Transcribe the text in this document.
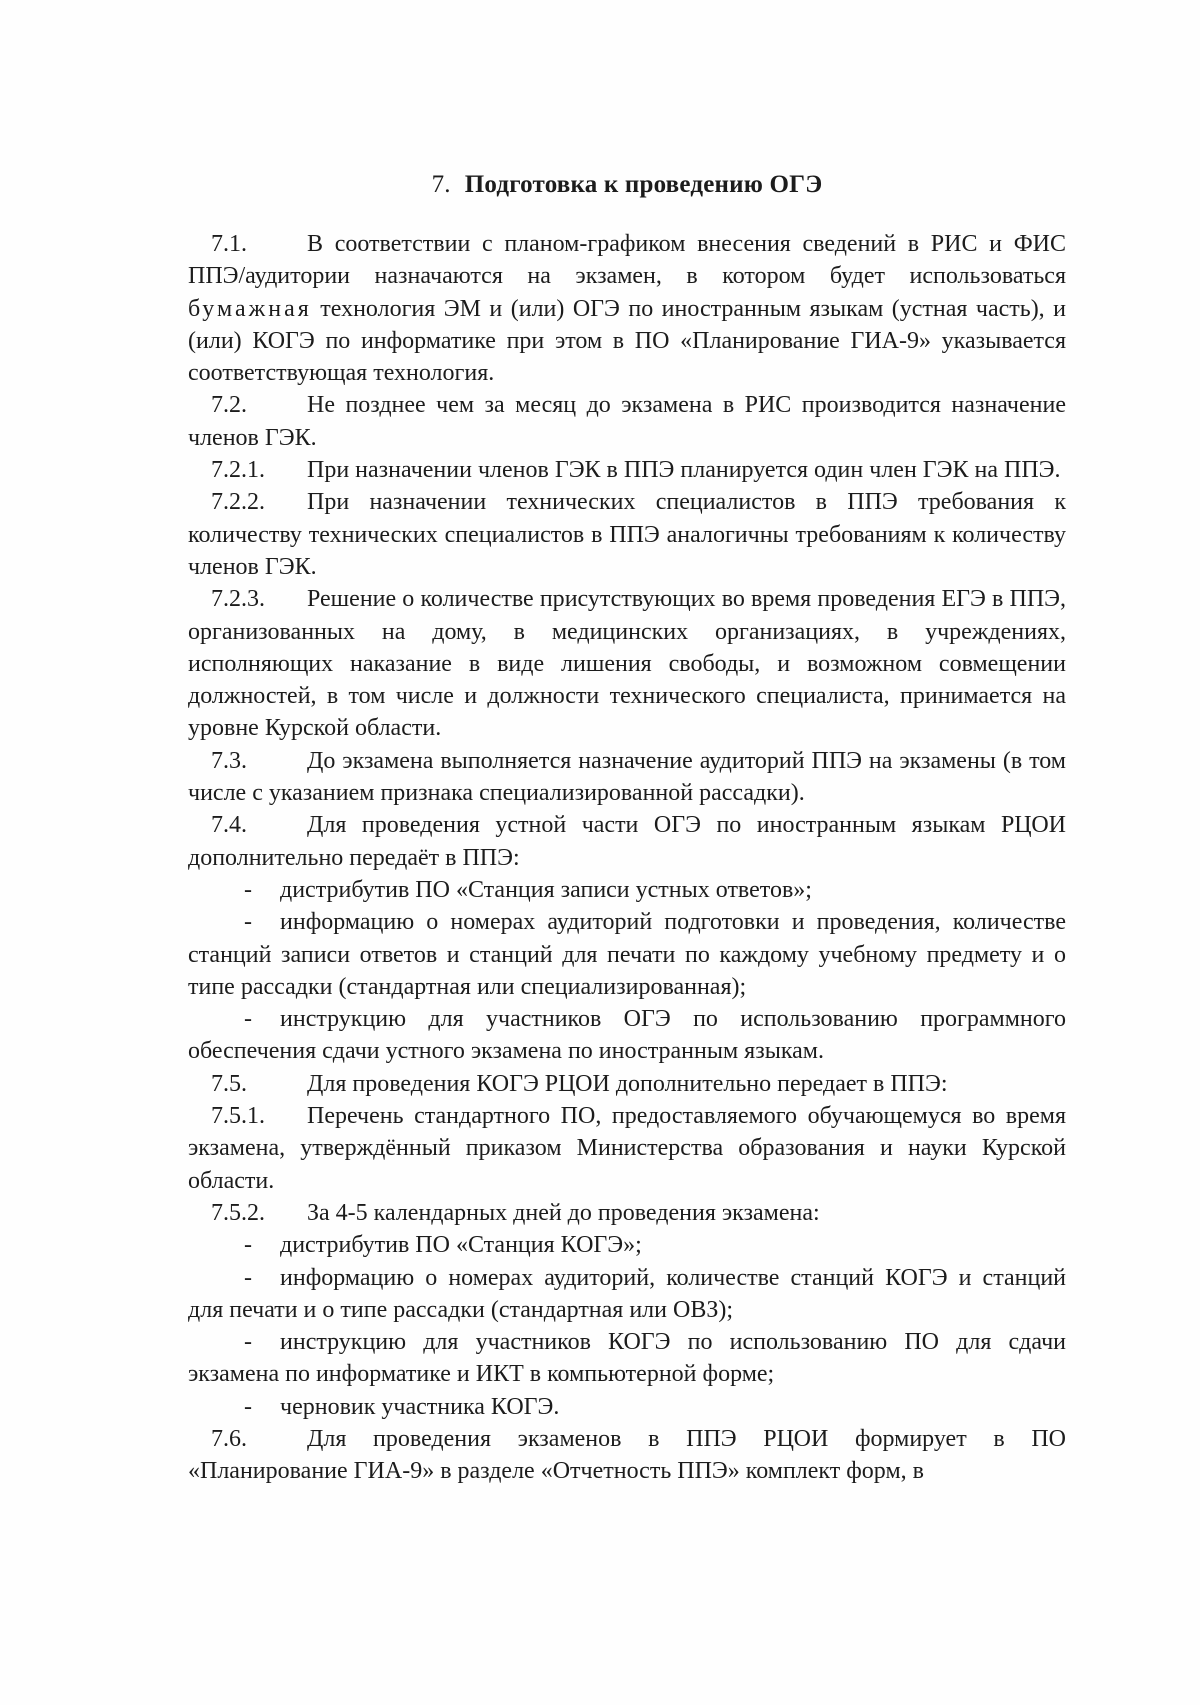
7. Подготовка к проведению ОГЭ

7.1.	В соответствии с планом-графиком внесения сведений в РИС и ФИС ППЭ/аудитории назначаются на экзамен, в котором будет использоваться бумажная технология ЭМ и (или) ОГЭ по иностранным языкам (устная часть), и (или) КОГЭ по информатике при этом в ПО «Планирование ГИА-9» указывается соответствующая технология.

7.2.	Не позднее чем за месяц до экзамена в РИС производится назначение членов ГЭК.

7.2.1. При назначении членов ГЭК в ППЭ планируется один член ГЭК на ППЭ.

7.2.2. При назначении технических специалистов в ППЭ требования к количеству технических специалистов в ППЭ аналогичны требованиям к количеству членов ГЭК.

7.2.3. Решение о количестве присутствующих во время проведения ЕГЭ в ППЭ, организованных на дому, в медицинских организациях, в учреждениях, исполняющих наказание в виде лишения свободы, и возможном совмещении должностей, в том числе и должности технического специалиста, принимается на уровне Курской области.

7.3.	До экзамена выполняется назначение аудиторий ППЭ на экзамены (в том числе с указанием признака специализированной рассадки).

7.4.	Для проведения устной части ОГЭ по иностранным языкам РЦОИ дополнительно передаёт в ППЭ:

- дистрибутив ПО «Станция записи устных ответов»;

- информацию о номерах аудиторий подготовки и проведения, количестве станций записи ответов и станций для печати по каждому учебному предмету и о типе рассадки (стандартная или специализированная);

- инструкцию для участников ОГЭ по использованию программного обеспечения сдачи устного экзамена по иностранным языкам.

7.5.	Для проведения КОГЭ РЦОИ дополнительно передает в ППЭ:

7.5.1. Перечень стандартного ПО, предоставляемого обучающемуся во время экзамена, утверждённый приказом Министерства образования и науки Курской области.

7.5.2. За 4-5 календарных дней до проведения экзамена:

- дистрибутив ПО «Станция КОГЭ»;

- информацию о номерах аудиторий, количестве станций КОГЭ и станций для печати и о типе рассадки (стандартная или ОВЗ);

- инструкцию для участников КОГЭ по использованию ПО для сдачи экзамена по информатике и ИКТ в компьютерной форме;

- черновик участника КОГЭ.

7.6.	Для проведения экзаменов в ППЭ РЦОИ формирует в ПО «Планирование ГИА-9» в разделе «Отчетность ППЭ» комплект форм, в
